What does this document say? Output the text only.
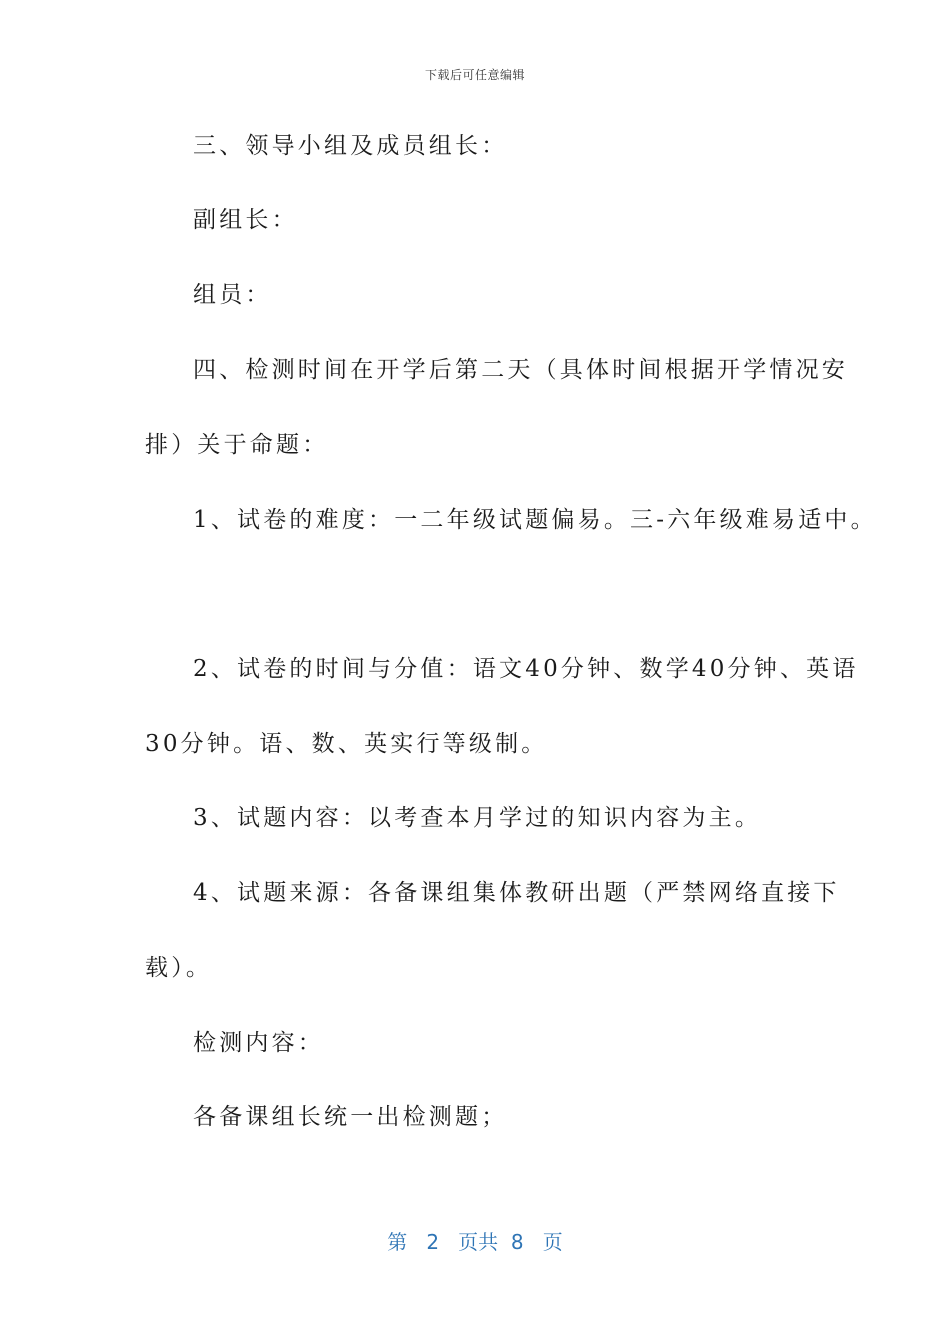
下载后可任意编辑
三、领导小组及成员组长：
副组长：
组员：
四、检测时间在开学后第二天（具体时间根据开学情况安
排）关于命题：
1、试卷的难度：一二年级试题偏易。三-六年级难易适中。
2、试卷的时间与分值：语文40分钟、数学40分钟、英语
30分钟。语、数、英实行等级制。
3、试题内容：以考查本月学过的知识内容为主。
4、试题来源：各备课组集体教研出题（严禁网络直接下
载）。
检测内容：
各备课组长统一出检测题；
第 2 页共 8 页
